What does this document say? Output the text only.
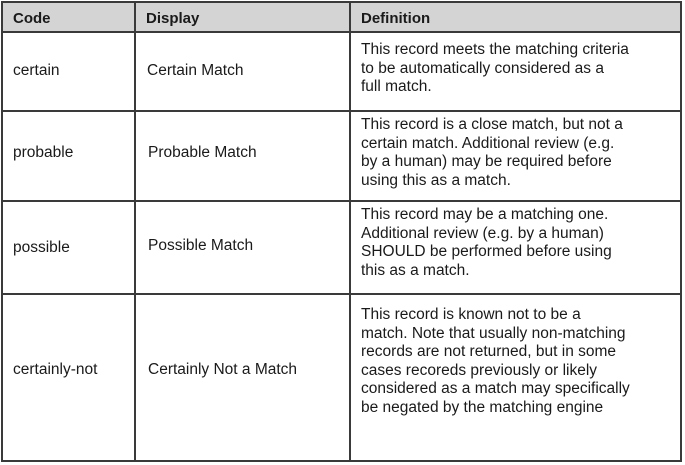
Code	Display	Definition
certain	Certain Match
This record meets the matching criteria
to be automatically considered as a
full match.
probable	Probable Match
This record is a close match, but not a
certain match. Additional review (e.g.
by a human) may be required before
using this as a match.
possible	Possible Match
This record may be a matching one.
Additional review (e.g. by a human)
SHOULD be performed before using
this as a match.
certainly-not	Certainly Not a Match
This record is known not to be a
match. Note that usually non-matching
records are not returned, but in some
cases recoreds previously or likely
considered as a match may specifically
be negated by the matching engine
